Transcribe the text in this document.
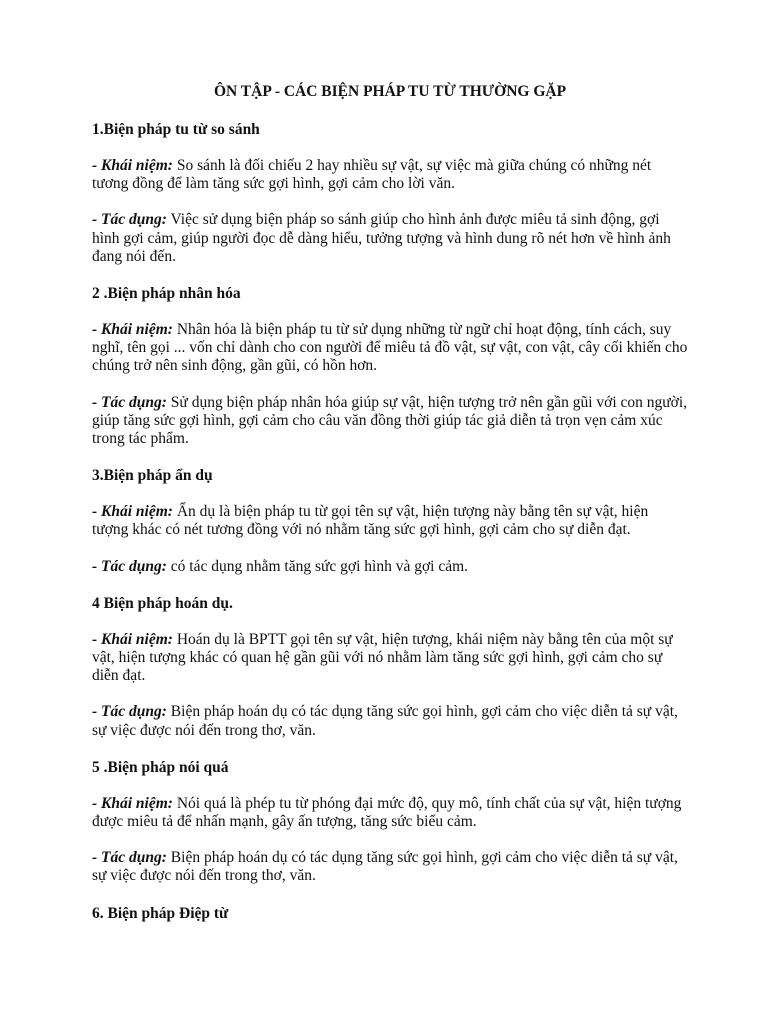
ÔN TẬP - CÁC BIỆN PHÁP TU TỪ THƯỜNG GẶP
1.Biện pháp tu từ so sánh

- Khái niệm: So sánh là đối chiếu 2 hay nhiều sự vật, sự việc mà giữa chúng có những nét tương đồng để làm tăng sức gợi hình, gợi cảm cho lời văn.

- Tác dụng: Việc sử dụng biện pháp so sánh giúp cho hình ảnh được miêu tả sinh động, gợi hình gợi cảm, giúp người đọc dễ dàng hiểu, tưởng tượng và hình dung rõ nét hơn về hình ảnh đang nói đến.

2 .Biện pháp nhân hóa

- Khái niệm: Nhân hóa là biện pháp tu từ sử dụng những từ ngữ chỉ hoạt động, tính cách, suy nghĩ, tên gọi ... vốn chỉ dành cho con người để miêu tả đồ vật, sự vật, con vật, cây cối khiến cho chúng trở nên sinh động, gần gũi, có hồn hơn.

- Tác dụng: Sử dụng biện pháp nhân hóa giúp sự vật, hiện tượng trở nên gần gũi với con người, giúp tăng sức gợi hình, gợi cảm cho câu văn đồng thời giúp tác giả diễn tả trọn vẹn cảm xúc trong tác phẩm.

3.Biện pháp ẩn dụ

- Khái niệm: Ẩn dụ là biện pháp tu từ gọi tên sự vật, hiện tượng này bằng tên sự vật, hiện tượng khác có nét tương đồng với nó nhằm tăng sức gợi hình, gợi cảm cho sự diễn đạt.

- Tác dụng: có tác dụng nhằm tăng sức gợi hình và gợi cảm.

4 Biện pháp hoán dụ.

- Khái niệm: Hoán dụ là BPTT gọi tên sự vật, hiện tượng, khái niệm này bằng tên của một sự vật, hiện tượng khác có quan hệ gần gũi với nó nhằm làm tăng sức gợi hình, gợi cảm cho sự diễn đạt.

- Tác dụng: Biện pháp hoán dụ có tác dụng tăng sức gọi hình, gợi cảm cho việc diễn tả sự vật, sự việc được nói đến trong thơ, văn.

5 .Biện pháp nói quá

- Khái niệm: Nói quá là phép tu từ phóng đại mức độ, quy mô, tính chất của sự vật, hiện tượng được miêu tả để nhấn mạnh, gây ấn tượng, tăng sức biểu cảm.

- Tác dụng: Biện pháp hoán dụ có tác dụng tăng sức gọi hình, gợi cảm cho việc diễn tả sự vật, sự việc được nói đến trong thơ, văn.

6. Biện pháp Điệp từ
